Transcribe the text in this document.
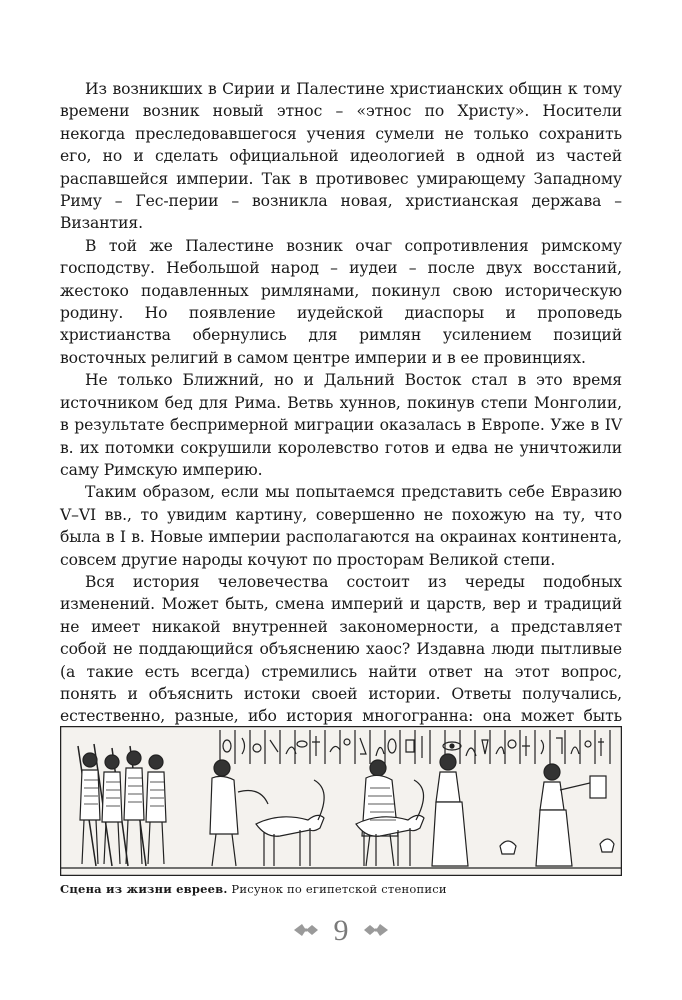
Из возникших в Сирии и Палестине христианских общин к тому времени возник новый этнос – «этнос по Христу». Носители некогда преследовавшегося учения сумели не только сохранить его, но и сделать официальной идеологией в одной из частей распавшейся империи. Так в противовес умирающему Западному Риму – Гес-перии – возникла новая, христианская держава – Византия.

В той же Палестине возник очаг сопротивления римскому господству. Небольшой народ – иудеи – после двух восстаний, жестоко подавленных римлянами, покинул свою историческую родину. Но появление иудейской диаспоры и проповедь христианства обернулись для римлян усилением позиций восточных религий в самом центре империи и в ее провинциях.

Не только Ближний, но и Дальний Восток стал в это время источником бед для Рима. Ветвь хуннов, покинув степи Монголии, в результате беспримерной миграции оказалась в Европе. Уже в IV в. их потомки сокрушили королевство готов и едва не уничтожили саму Римскую империю.

Таким образом, если мы попытаемся представить себе Евразию V–VI вв., то увидим картину, совершенно не похожую на ту, что была в I в. Новые империи располагаются на окраинах континента, совсем другие народы кочуют по просторам Великой степи.

Вся история человечества состоит из череды подобных изменений. Может быть, смена империй и царств, вер и традиций не имеет никакой внутренней закономерности, а представляет собой не поддающийся объяснению хаос? Издавна люди пытливые (а такие есть всегда) стремились найти ответ на этот вопрос, понять и объяснить истоки своей истории. Ответы получались, естественно, разные, ибо история многогранна: она может быть

Сцена из жизни евреев. Рисунок по египетской стенописи
9
